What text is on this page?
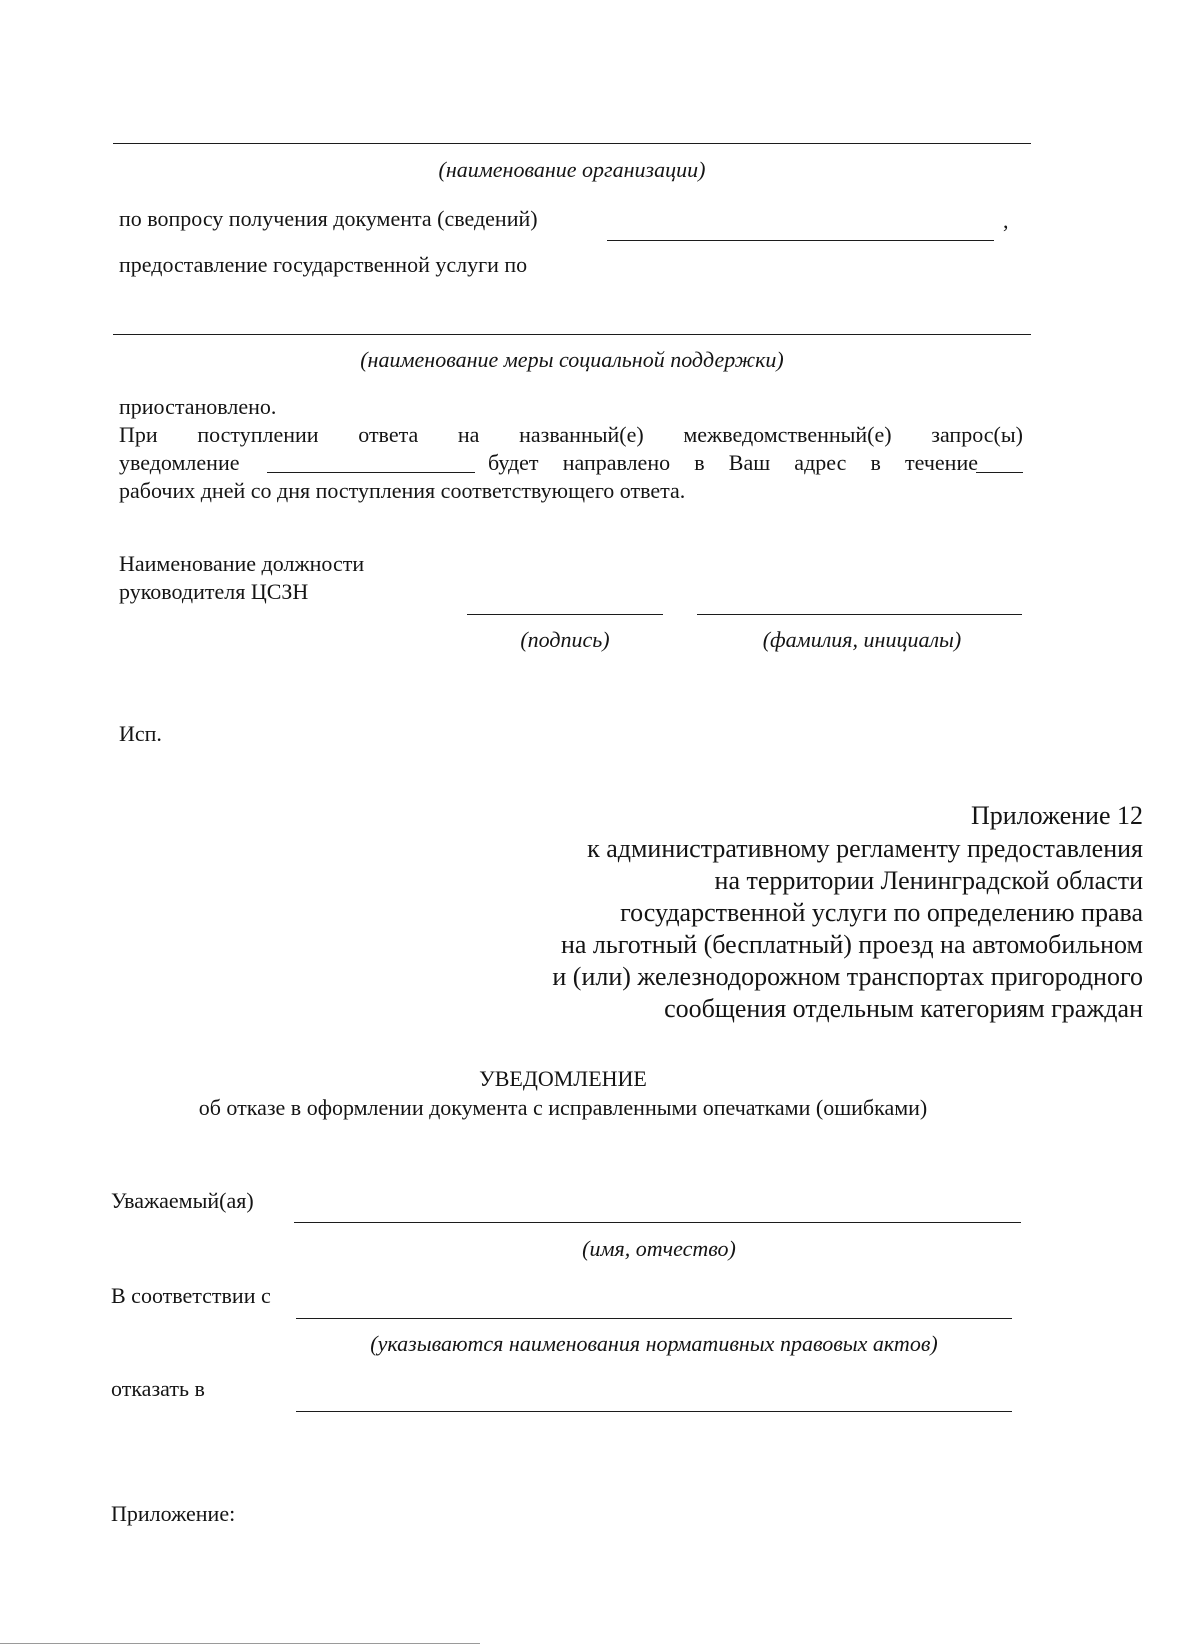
(наименование организации)
по вопросу получения документа (сведений)	,
предоставление государственной услуги по
(наименование меры социальной поддержки)
приостановлено.
При поступлении ответа на названный(е) межведомственный(е) запрос(ы)
уведомление	будет направлено в Ваш адрес в течение
рабочих дней со дня поступления соответствующего ответа.
Наименование должности
руководителя ЦСЗН
(подпись)	(фамилия, инициалы)
Исп.
Приложение 12
к административному регламенту предоставления
на территории Ленинградской области
государственной услуги по определению права
на льготный (бесплатный) проезд на автомобильном
и (или) железнодорожном транспортах пригородного
сообщения отдельным категориям граждан
УВЕДОМЛЕНИЕ
об отказе в оформлении документа с исправленными опечатками (ошибками)
Уважаемый(ая)
(имя, отчество)
В соответствии с
(указываются наименования нормативных правовых актов)
отказать в
Приложение:
